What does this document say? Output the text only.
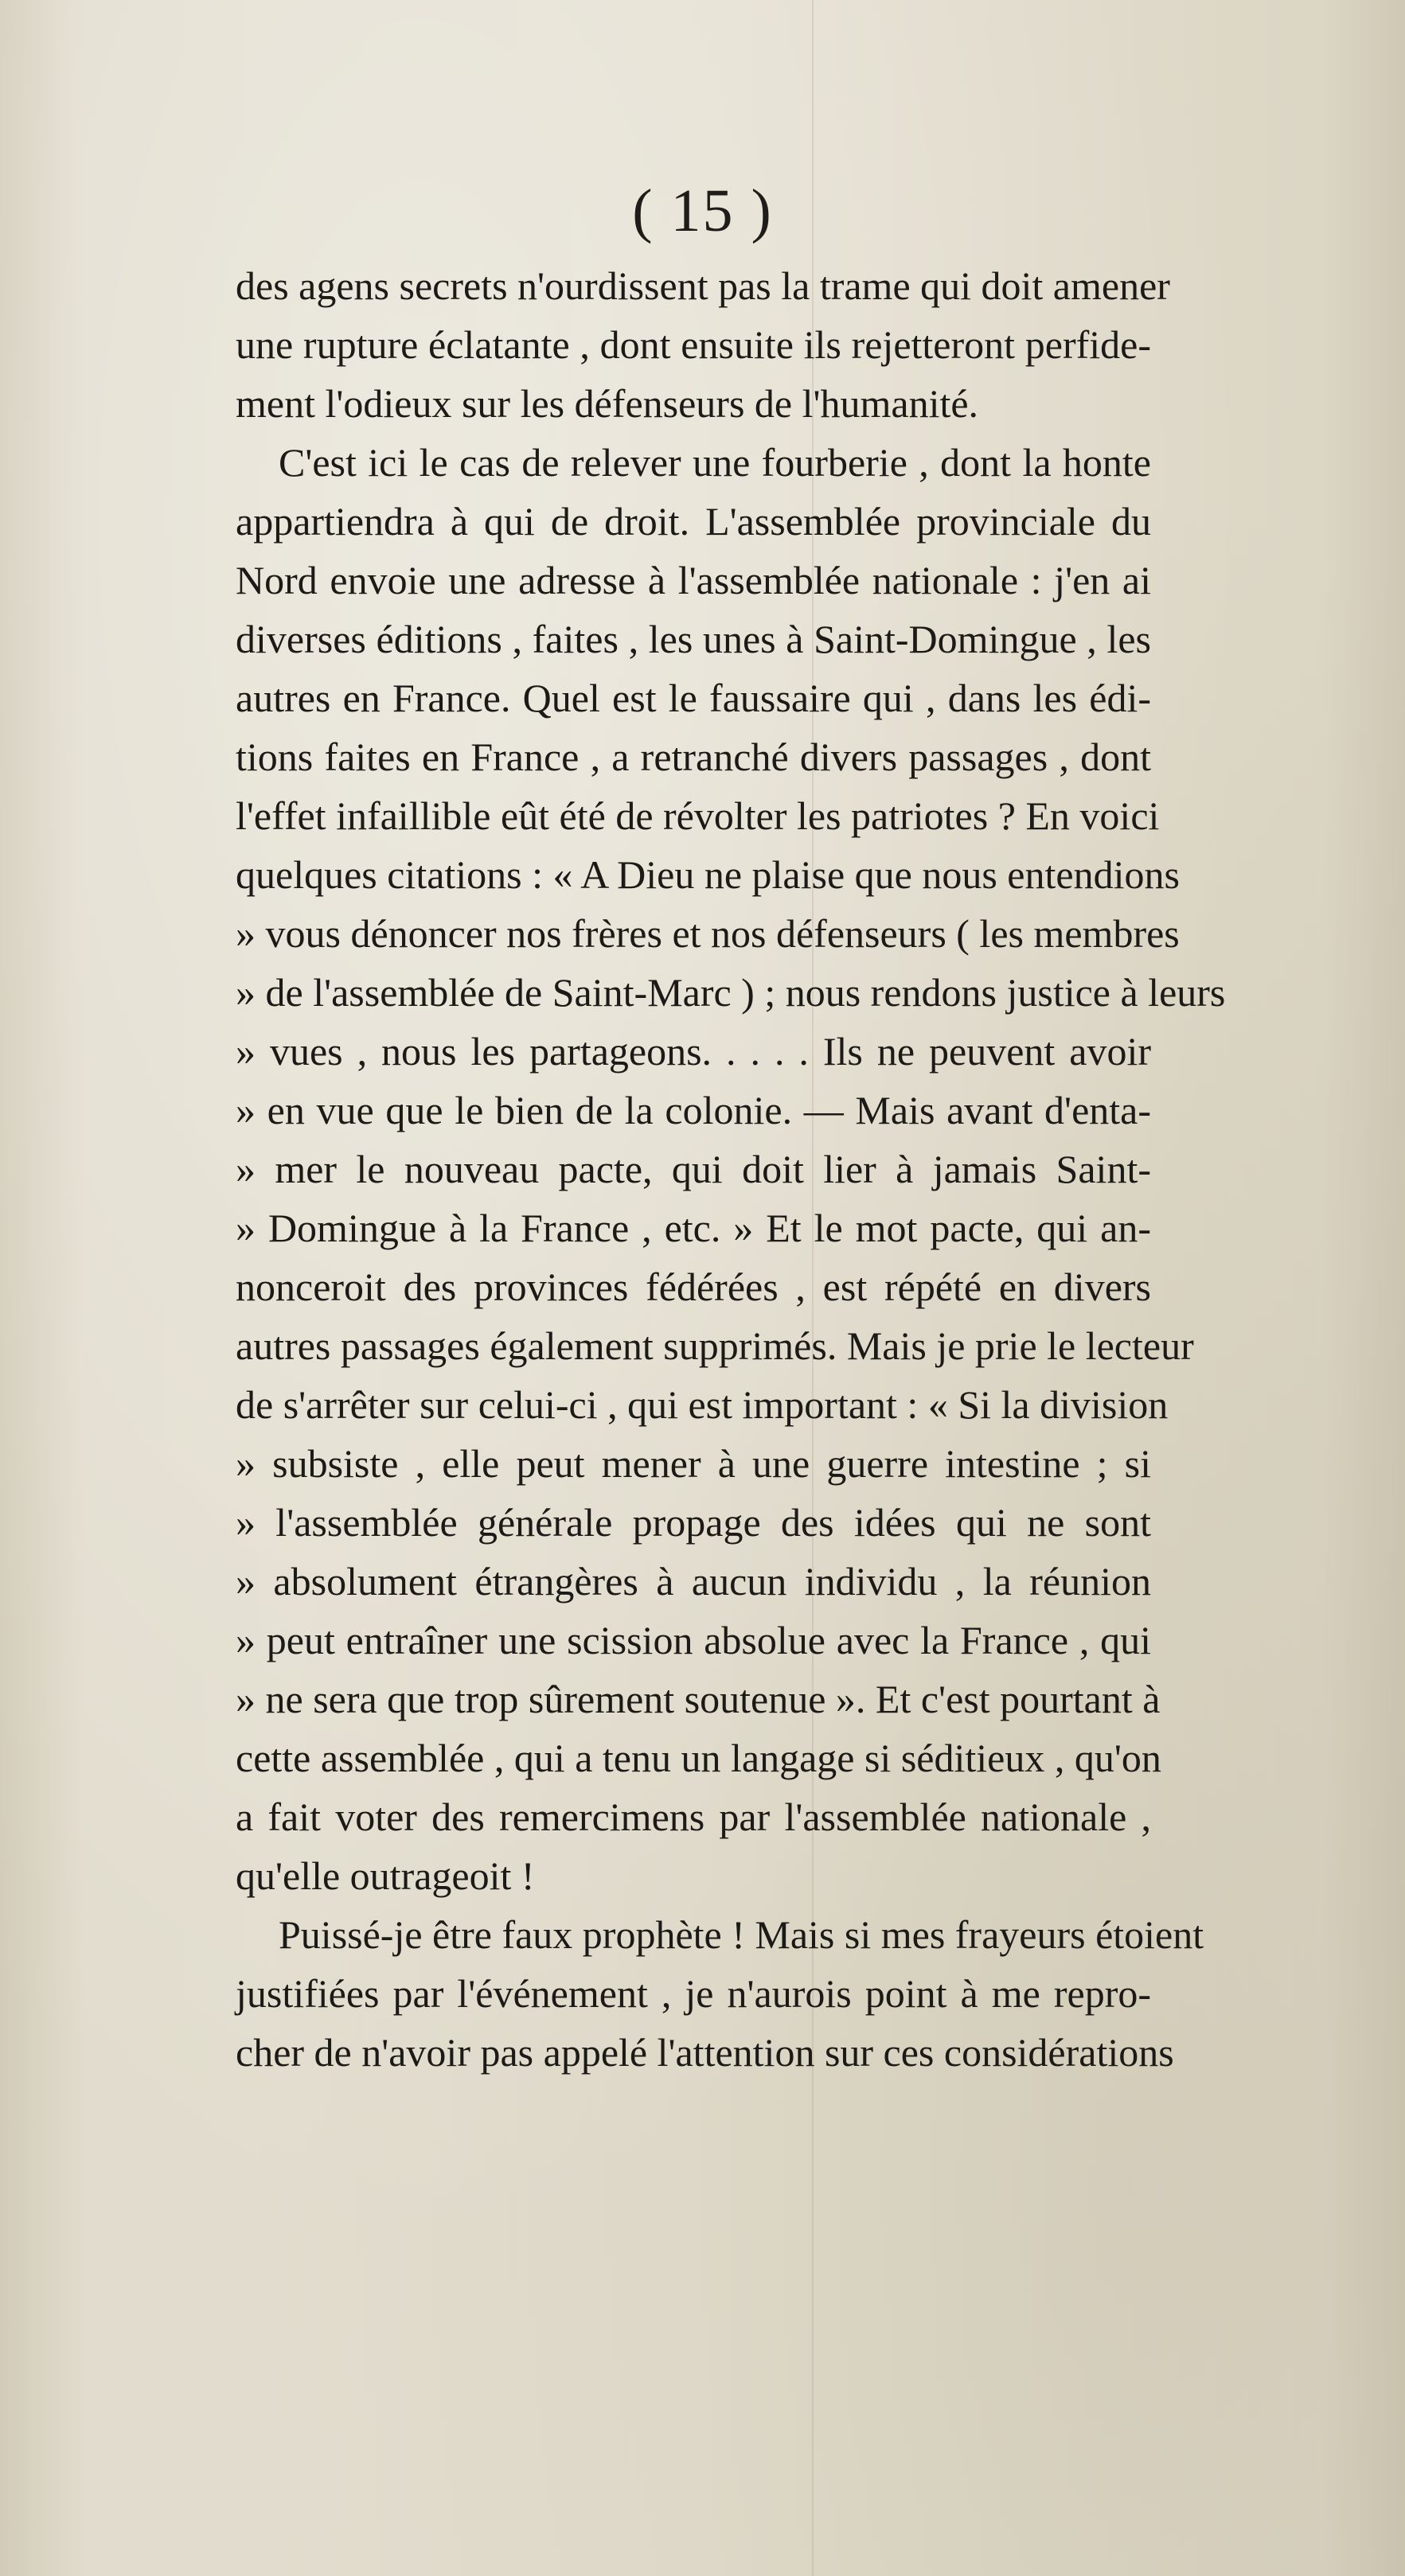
( 15 )
des agens secrets n'ourdissent pas la trame qui doit amener
une rupture éclatante , dont ensuite ils rejetteront perfide-
ment l'odieux sur les défenseurs de l'humanité.
C'est ici le cas de relever une fourberie , dont la honte
appartiendra à qui de droit. L'assemblée provinciale du
Nord envoie une adresse à l'assemblée nationale : j'en ai
diverses éditions , faites , les unes à Saint-Domingue , les
autres en France. Quel est le faussaire qui , dans les édi-
tions faites en France , a retranché divers passages , dont
l'effet infaillible eût été de révolter les patriotes ? En voici
quelques citations : « A Dieu ne plaise que nous entendions
» vous dénoncer nos frères et nos défenseurs ( les membres
» de l'assemblée de Saint-Marc ) ; nous rendons justice à leurs
» vues , nous les partageons. . . . . Ils ne peuvent avoir
» en vue que le bien de la colonie. — Mais avant d'enta-
» mer le nouveau pacte, qui doit lier à jamais Saint-
» Domingue à la France , etc. » Et le mot pacte, qui an-
nonceroit des provinces fédérées , est répété en divers
autres passages également supprimés. Mais je prie le lecteur
de s'arrêter sur celui-ci , qui est important : « Si la division
» subsiste , elle peut mener à une guerre intestine ; si
» l'assemblée générale propage des idées qui ne sont
» absolument étrangères à aucun individu , la réunion
» peut entraîner une scission absolue avec la France , qui
» ne sera que trop sûrement soutenue ». Et c'est pourtant à
cette assemblée , qui a tenu un langage si séditieux , qu'on
a fait voter des remercimens par l'assemblée nationale ,
qu'elle outrageoit !
Puissé-je être faux prophète ! Mais si mes frayeurs étoient
justifiées par l'événement , je n'aurois point à me repro-
cher de n'avoir pas appelé l'attention sur ces considérations
